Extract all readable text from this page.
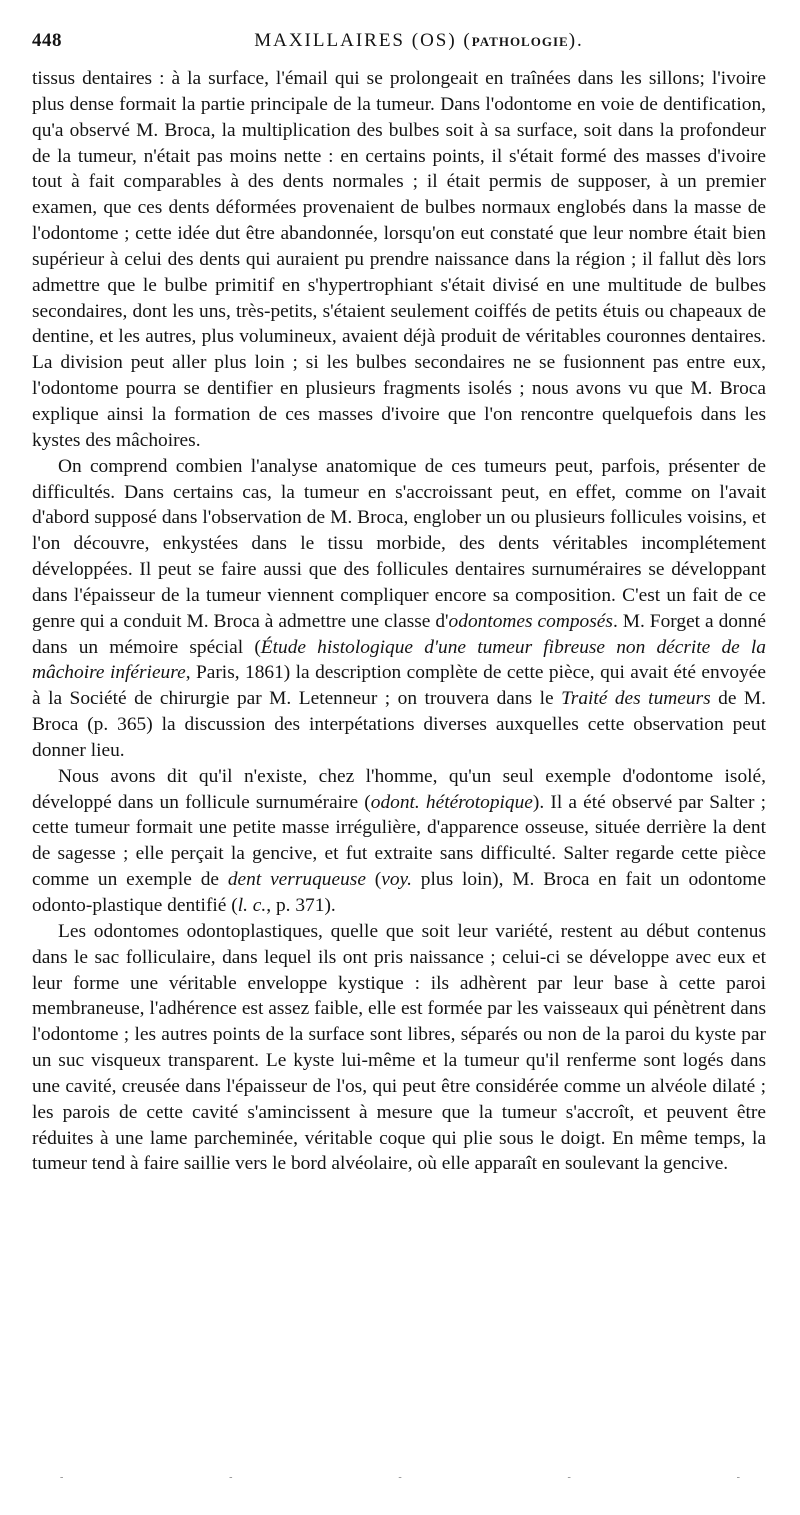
448	MAXILLAIRES (OS) (PATHOLOGIE).

tissus dentaires : à la surface, l'émail qui se prolongeait en traînées dans les sillons; l'ivoire plus dense formait la partie principale de la tumeur. Dans l'odontome en voie de dentification, qu'a observé M. Broca, la multiplication des bulbes soit à sa surface, soit dans la profondeur de la tumeur, n'était pas moins nette : en certains points, il s'était formé des masses d'ivoire tout à fait comparables à des dents normales ; il était permis de supposer, à un premier examen, que ces dents déformées provenaient de bulbes normaux englobés dans la masse de l'odontome ; cette idée dut être abandonnée, lorsqu'on eut constaté que leur nombre était bien supérieur à celui des dents qui auraient pu prendre naissance dans la région ; il fallut dès lors admettre que le bulbe primitif en s'hypertrophiant s'était divisé en une multitude de bulbes secondaires, dont les uns, très-petits, s'étaient seulement coiffés de petits étuis ou chapeaux de dentine, et les autres, plus volumineux, avaient déjà produit de véritables couronnes dentaires. La division peut aller plus loin ; si les bulbes secondaires ne se fusionnent pas entre eux, l'odontome pourra se dentifier en plusieurs fragments isolés ; nous avons vu que M. Broca explique ainsi la formation de ces masses d'ivoire que l'on rencontre quelquefois dans les kystes des mâchoires.

On comprend combien l'analyse anatomique de ces tumeurs peut, parfois, présenter de difficultés. Dans certains cas, la tumeur en s'accroissant peut, en effet, comme on l'avait d'abord supposé dans l'observation de M. Broca, englober un ou plusieurs follicules voisins, et l'on découvre, enkystées dans le tissu morbide, des dents véritables incomplétement développées. Il peut se faire aussi que des follicules dentaires surnuméraires se développant dans l'épaisseur de la tumeur viennent compliquer encore sa composition. C'est un fait de ce genre qui a conduit M. Broca à admettre une classe d'odontomes composés. M. Forget a donné dans un mémoire spécial (Étude histologique d'une tumeur fibreuse non décrite de la mâchoire inférieure, Paris, 1861) la description complète de cette pièce, qui avait été envoyée à la Société de chirurgie par M. Letenneur ; on trouvera dans le Traité des tumeurs de M. Broca (p. 365) la discussion des interpétations diverses auxquelles cette observation peut donner lieu.

Nous avons dit qu'il n'existe, chez l'homme, qu'un seul exemple d'odontome isolé, développé dans un follicule surnuméraire (odont. hétérotopique). Il a été observé par Salter ; cette tumeur formait une petite masse irrégulière, d'apparence osseuse, située derrière la dent de sagesse ; elle perçait la gencive, et fut extraite sans difficulté. Salter regarde cette pièce comme un exemple de dent verruqueuse (voy. plus loin), M. Broca en fait un odontome odonto-plastique dentifié (l. c., p. 371).

Les odontomes odontoplastiques, quelle que soit leur variété, restent au début contenus dans le sac folliculaire, dans lequel ils ont pris naissance ; celui-ci se développe avec eux et leur forme une véritable enveloppe kystique : ils adhèrent par leur base à cette paroi membraneuse, l'adhérence est assez faible, elle est formée par les vaisseaux qui pénètrent dans l'odontome ; les autres points de la surface sont libres, séparés ou non de la paroi du kyste par un suc visqueux transparent. Le kyste lui-même et la tumeur qu'il renferme sont logés dans une cavité, creusée dans l'épaisseur de l'os, qui peut être considérée comme un alvéole dilaté ; les parois de cette cavité s'amincissent à mesure que la tumeur s'accroît, et peuvent être réduites à une lame parcheminée, véritable coque qui plie sous le doigt. En même temps, la tumeur tend à faire saillie vers le bord alvéolaire, où elle apparaît en soulevant la gencive.

-	-	-	-	-
